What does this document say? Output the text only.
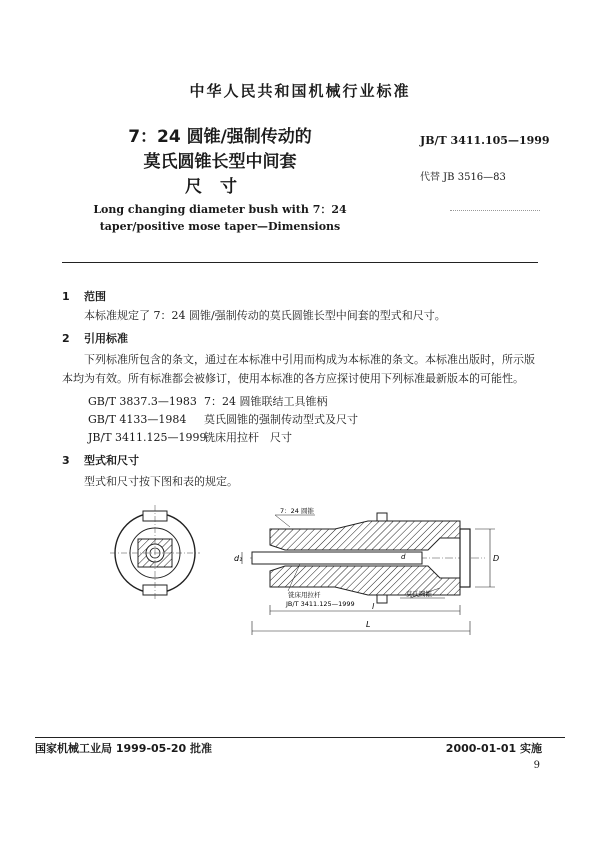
中华人民共和国机械行业标准
7：24 圆锥/强制传动的
莫氏圆锥长型中间套
尺寸
JB/T 3411.105—1999
代替 JB 3516—83
Long changing diameter bush with 7：24
taper/positive mose taper—Dimensions
1 范围
本标准规定了 7：24 圆锥/强制传动的莫氏圆锥长型中间套的型式和尺寸。
2 引用标准
下列标准所包含的条文，通过在本标准中引用而构成为本标准的条文。本标准出版时，所示版本均为有效。所有标准都会被修订，使用本标准的各方应探讨使用下列标准最新版本的可能性。
GB/T 3837.3—1983 7：24 圆锥联结工具锥柄
GB/T 4133—1984 莫氏圆锥的强制传动型式及尺寸
JB/T 3411.125—1999铣床用拉杆　尺寸
3 型式和尺寸
型式和尺寸按下图和表的规定。
D
d₁	d
l
L
7：24 圆锥
铣床用拉杆
JB/T 3411.125—1999
莫氏圆锥
国家机械工业局 1999-05-20 批准	2000-01-01 实施
9
